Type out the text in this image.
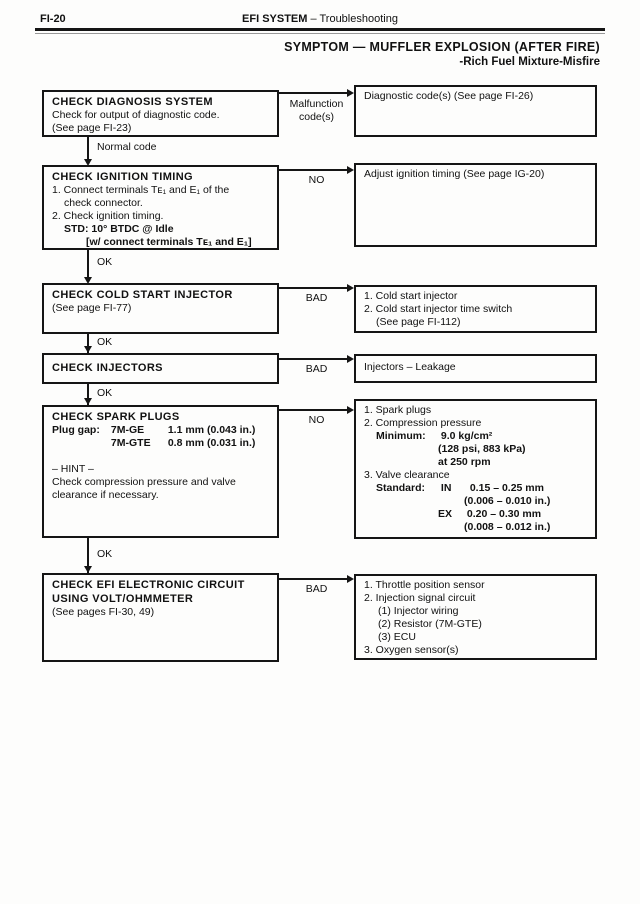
FI-20	EFI SYSTEM – Troubleshooting
SYMPTOM — MUFFLER EXPLOSION (AFTER FIRE)
-Rich Fuel Mixture-Misfire
CHECK DIAGNOSIS SYSTEM
Check for output of diagnostic code.
(See page FI-23)
Malfunction
code(s)
Diagnostic code(s) (See page FI-26)
Normal code
CHECK IGNITION TIMING
1. Connect terminals Tᴇ₁ and E₁ of the
check connector.
2. Check ignition timing.
STD: 10° BTDC @ Idle
[w/ connect terminals Tᴇ₁ and E₁]
NO	Adjust ignition timing (See page IG-20)
OK
CHECK COLD START INJECTOR
(See page FI-77)
BAD	1. Cold start injector
2. Cold start injector time switch
(See page FI-112)
OK
CHECK INJECTORS	BAD	Injectors – Leakage
OK
CHECK SPARK PLUGS
Plug gap: 7M-GE 1.1 mm (0.043 in.)
7M-GTE 0.8 mm (0.031 in.)
– HINT –
Check compression pressure and valve
clearance if necessary.
NO
1. Spark plugs
2. Compression pressure
Minimum: 9.0 kg/cm²
(128 psi, 883 kPa)
at 250 rpm
3. Valve clearance
Standard: IN 0.15 – 0.25 mm
(0.006 – 0.010 in.)
EX 0.20 – 0.30 mm
(0.008 – 0.012 in.)
OK
CHECK EFI ELECTRONIC CIRCUIT
USING VOLT/OHMMETER
(See pages FI-30, 49)
BAD	1. Throttle position sensor
2. Injection signal circuit
(1) Injector wiring
(2) Resistor (7M-GTE)
(3) ECU
3. Oxygen sensor(s)
